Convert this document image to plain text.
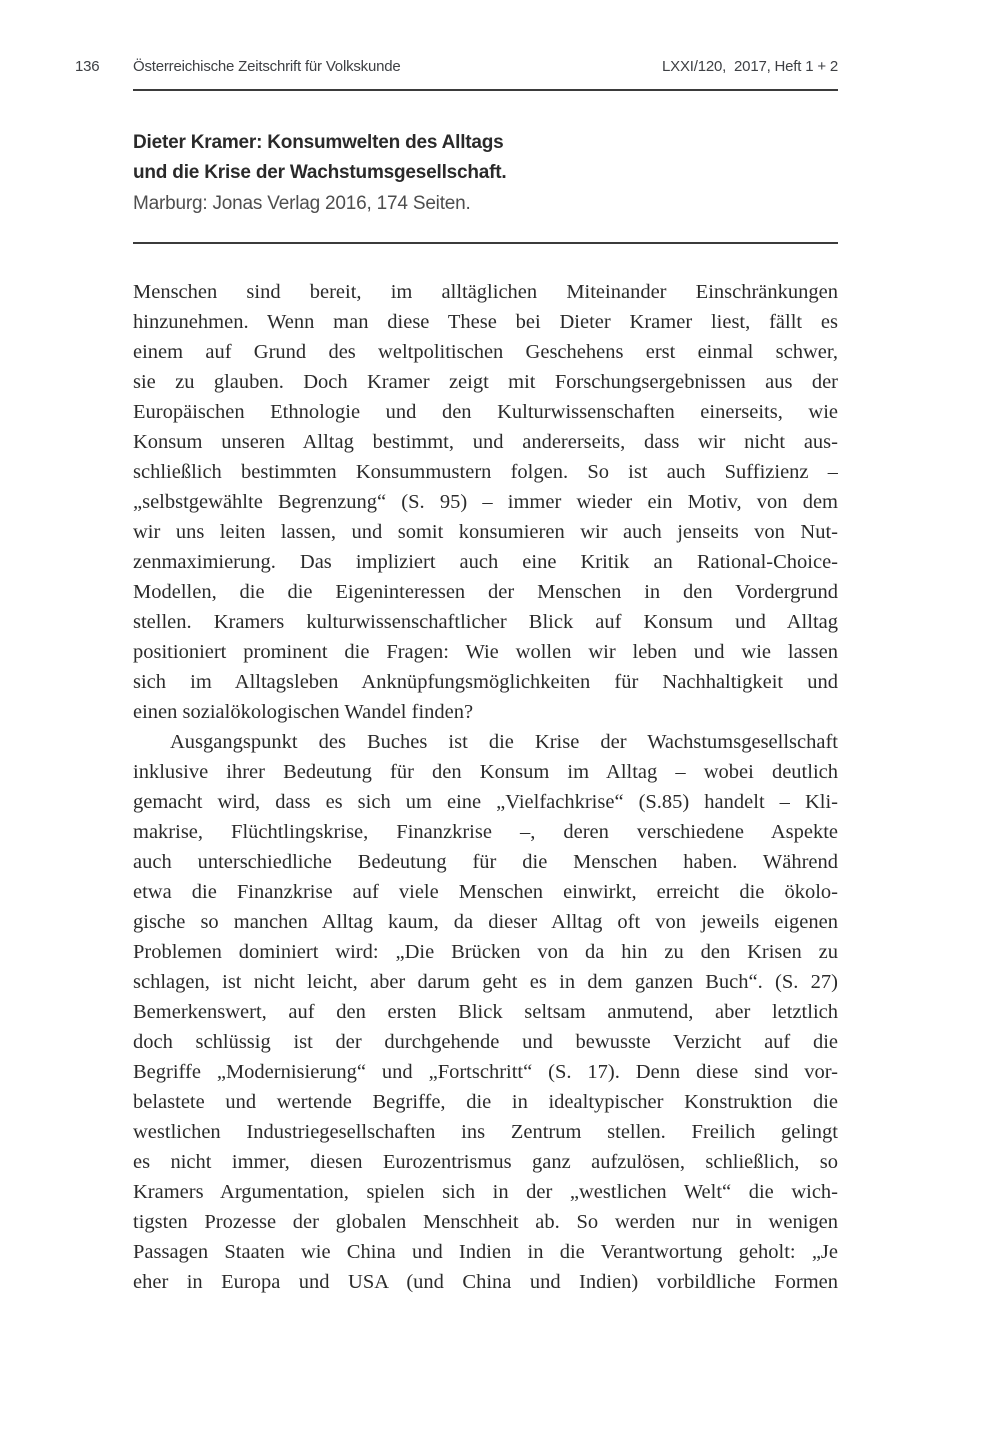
136 Österreichische Zeitschrift für Volkskunde	LXXI/120,  2017, Heft 1 + 2
Dieter Kramer: Konsumwelten des Alltags
und die Krise der Wachstumsgesellschaft.
Marburg: Jonas Verlag 2016, 174 Seiten.
Menschen sind bereit, im alltäglichen Miteinander Einschränkungen
hinzunehmen. Wenn man diese These bei Dieter Kramer liest, fällt es
einem auf Grund des weltpolitischen Geschehens erst einmal schwer,
sie zu glauben. Doch Kramer zeigt mit Forschungsergebnissen aus der
Europäischen Ethnologie und den Kulturwissenschaften einerseits, wie
Konsum unseren Alltag bestimmt, und andererseits, dass wir nicht aus-
schließlich bestimmten Konsummustern folgen. So ist auch Suffizienz –
„selbstgewählte Begrenzung“ (S. 95) – immer wieder ein Motiv, von dem
wir uns leiten lassen, und somit konsumieren wir auch jenseits von Nut-
zenmaximierung. Das impliziert auch eine Kritik an Rational-Choice-
Modellen, die die Eigeninteressen der Menschen in den Vordergrund
stellen. Kramers kulturwissenschaftlicher Blick auf Konsum und Alltag
positioniert prominent die Fragen: Wie wollen wir leben und wie lassen
sich im Alltagsleben Anknüpfungsmöglichkeiten für Nachhaltigkeit und
einen sozialökologischen Wandel finden?
Ausgangspunkt des Buches ist die Krise der Wachstumsgesellschaft
inklusive ihrer Bedeutung für den Konsum im Alltag – wobei deutlich
gemacht wird, dass es sich um eine „Vielfachkrise“ (S.85) handelt – Kli-
makrise, Flüchtlingskrise, Finanzkrise –, deren verschiedene Aspekte
auch unterschiedliche Bedeutung für die Menschen haben. Während
etwa die Finanzkrise auf viele Menschen einwirkt, erreicht die ökolo-
gische so manchen Alltag kaum, da dieser Alltag oft von jeweils eigenen
Problemen dominiert wird: „Die Brücken von da hin zu den Krisen zu
schlagen, ist nicht leicht, aber darum geht es in dem ganzen Buch“. (S. 27)
Bemerkenswert, auf den ersten Blick seltsam anmutend, aber letztlich
doch schlüssig ist der durchgehende und bewusste Verzicht auf die
Begriffe „Modernisierung“ und „Fortschritt“ (S. 17). Denn diese sind vor-
belastete und wertende Begriffe, die in idealtypischer Konstruktion die
westlichen Industriegesellschaften ins Zentrum stellen. Freilich gelingt
es nicht immer, diesen Eurozentrismus ganz aufzulösen, schließlich, so
Kramers Argumentation, spielen sich in der „westlichen Welt“ die wich-
tigsten Prozesse der globalen Menschheit ab. So werden nur in wenigen
Passagen Staaten wie China und Indien in die Verantwortung geholt: „Je
eher in Europa und USA (und China und Indien) vorbildliche Formen
